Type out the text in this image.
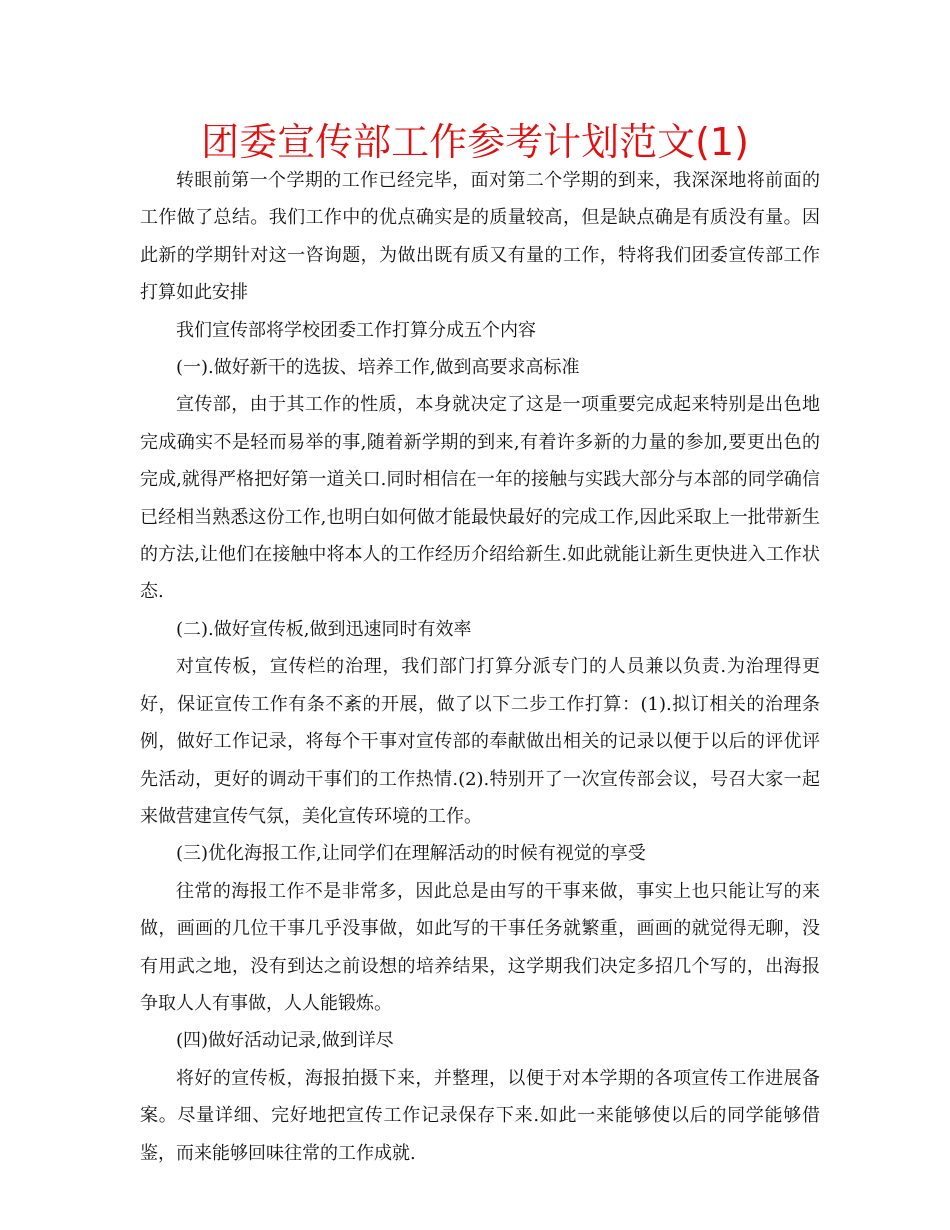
团委宣传部工作参考计划范文(1)

转眼前第一个学期的工作已经完毕，面对第二个学期的到来，我深深地将前面的工作做了总结。我们工作中的优点确实是的质量较高，但是缺点确是有质没有量。因此新的学期针对这一咨询题，为做出既有质又有量的工作，特将我们团委宣传部工作打算如此安排

我们宣传部将学校团委工作打算分成五个内容

(一).做好新干的选拔、培养工作,做到高要求高标准

宣传部，由于其工作的性质，本身就决定了这是一项重要完成起来特别是出色地完成确实不是轻而易举的事,随着新学期的到来,有着许多新的力量的参加,要更出色的完成,就得严格把好第一道关口.同时相信在一年的接触与实践大部分与本部的同学确信已经相当熟悉这份工作,也明白如何做才能最快最好的完成工作,因此采取上一批带新生的方法,让他们在接触中将本人的工作经历介绍给新生.如此就能让新生更快进入工作状态.

(二).做好宣传板,做到迅速同时有效率

对宣传板，宣传栏的治理，我们部门打算分派专门的人员兼以负责.为治理得更好，保证宣传工作有条不紊的开展，做了以下二步工作打算：(1).拟订相关的治理条例，做好工作记录，将每个干事对宣传部的奉献做出相关的记录以便于以后的评优评先活动，更好的调动干事们的工作热情.(2).特别开了一次宣传部会议，号召大家一起来做营建宣传气氛，美化宣传环境的工作。

(三)优化海报工作,让同学们在理解活动的时候有视觉的享受

往常的海报工作不是非常多，因此总是由写的干事来做，事实上也只能让写的来做，画画的几位干事几乎没事做，如此写的干事任务就繁重，画画的就觉得无聊，没有用武之地，没有到达之前设想的培养结果，这学期我们决定多招几个写的，出海报争取人人有事做，人人能锻炼。

(四)做好活动记录,做到详尽

将好的宣传板，海报拍摄下来，并整理，以便于对本学期的各项宣传工作进展备案。尽量详细、完好地把宣传工作记录保存下来.如此一来能够使以后的同学能够借鉴，而来能够回味往常的工作成就.
